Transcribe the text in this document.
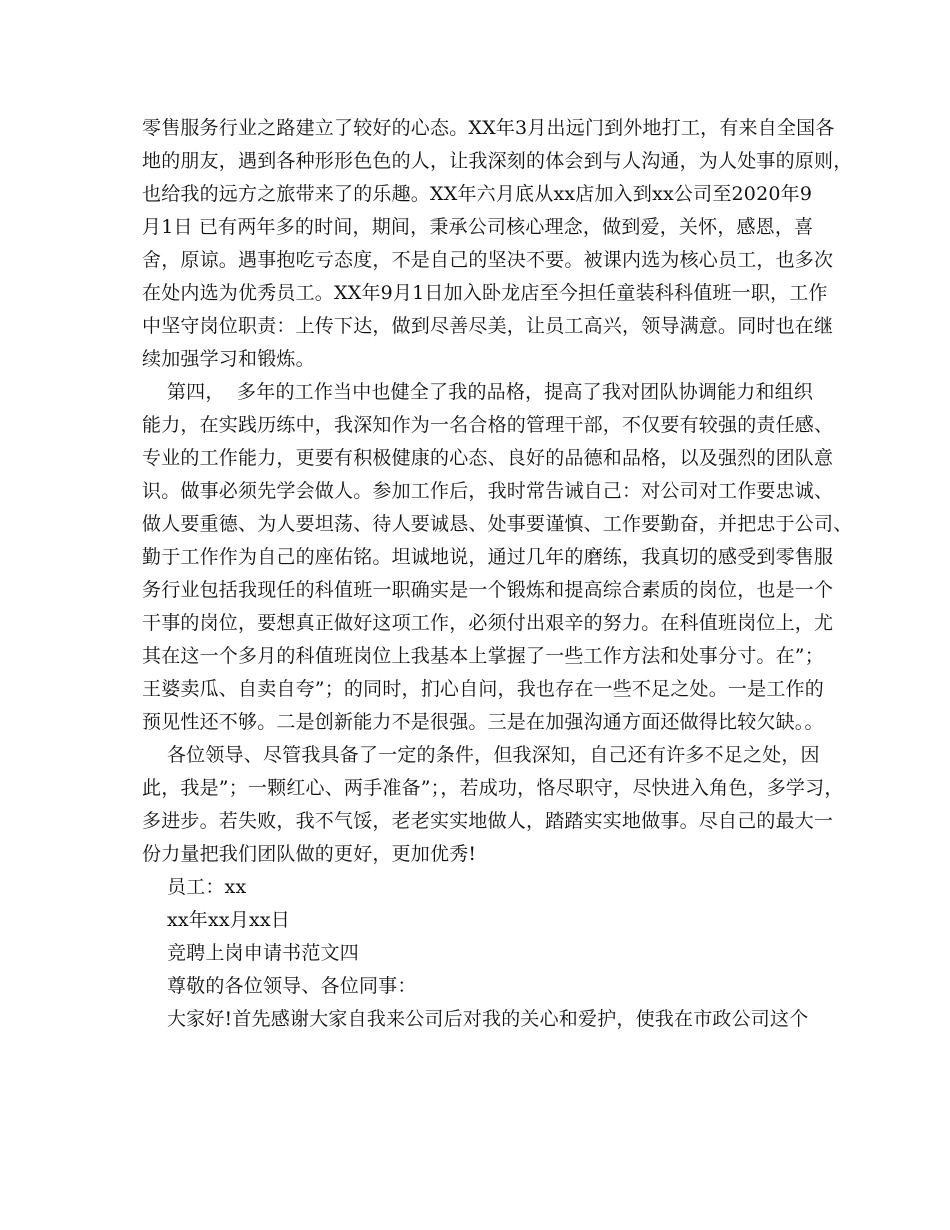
零售服务行业之路建立了较好的心态。XX年3月出远门到外地打工，有来自全国各
地的朋友，遇到各种形形色色的人，让我深刻的体会到与人沟通，为人处事的原则，
也给我的远方之旅带来了的乐趣。XX年六月底从xx店加入到xx公司至2020年9
月1日 已有两年多的时间，期间，秉承公司核心理念，做到爱，关怀，感恩，喜
舍，原谅。遇事抱吃亏态度，不是自己的坚决不要。被课内选为核心员工，也多次
在处内选为优秀员工。XX年9月1日加入卧龙店至今担任童装科科值班一职，工作
中坚守岗位职责：上传下达，做到尽善尽美，让员工高兴，领导满意。同时也在继
续加强学习和锻炼。
第四，  多年的工作当中也健全了我的品格，提高了我对团队协调能力和组织
能力，在实践历练中，我深知作为一名合格的管理干部，不仅要有较强的责任感、
专业的工作能力，更要有积极健康的心态、良好的品德和品格，以及强烈的团队意
识。做事必须先学会做人。参加工作后，我时常告诫自己：对公司对工作要忠诚、
做人要重德、为人要坦荡、待人要诚恳、处事要谨慎、工作要勤奋，并把忠于公司、
勤于工作作为自己的座佑铭。坦诚地说，通过几年的磨练，我真切的感受到零售服
务行业包括我现任的科值班一职确实是一个锻炼和提高综合素质的岗位，也是一个
干事的岗位，要想真正做好这项工作，必须付出艰辛的努力。在科值班岗位上，尤
其在这一个多月的科值班岗位上我基本上掌握了一些工作方法和处事分寸。在”；
王婆卖瓜、自卖自夸”；的同时，扪心自问，我也存在一些不足之处。一是工作的
预见性还不够。二是创新能力不是很强。三是在加强沟通方面还做得比较欠缺。。
各位领导、尽管我具备了一定的条件，但我深知，自己还有许多不足之处，因
此，我是”；一颗红心、两手准备”；，若成功，恪尽职守，尽快进入角色，多学习，
多进步。若失败，我不气馁，老老实实地做人，踏踏实实地做事。尽自己的最大一
份力量把我们团队做的更好，更加优秀!
员工：xx
xx年xx月xx日
竞聘上岗申请书范文四
尊敬的各位领导、各位同事：
大家好!首先感谢大家自我来公司后对我的关心和爱护，使我在市政公司这个
